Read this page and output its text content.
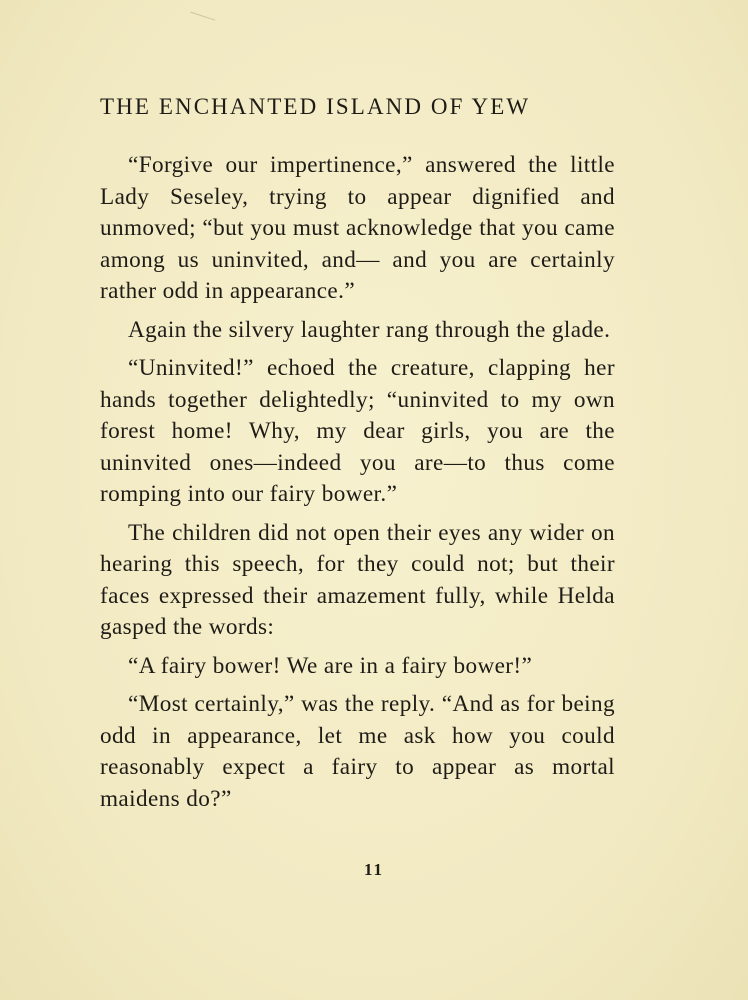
THE ENCHANTED ISLAND OF YEW

“Forgive our impertinence,” answered the little Lady Seseley, trying to appear dignified and unmoved; “but you must acknowledge that you came among us uninvited, and— and you are certainly rather odd in appearance.”

Again the silvery laughter rang through the glade.

“Uninvited!” echoed the creature, clapping her hands together delightedly; “uninvited to my own forest home! Why, my dear girls, you are the uninvited ones—indeed you are—to thus come romping into our fairy bower.”

The children did not open their eyes any wider on hearing this speech, for they could not; but their faces expressed their amazement fully, while Helda gasped the words:

“A fairy bower! We are in a fairy bower!”

“Most certainly,” was the reply. “And as for being odd in appearance, let me ask how you could reasonably expect a fairy to appear as mortal maidens do?”

11
